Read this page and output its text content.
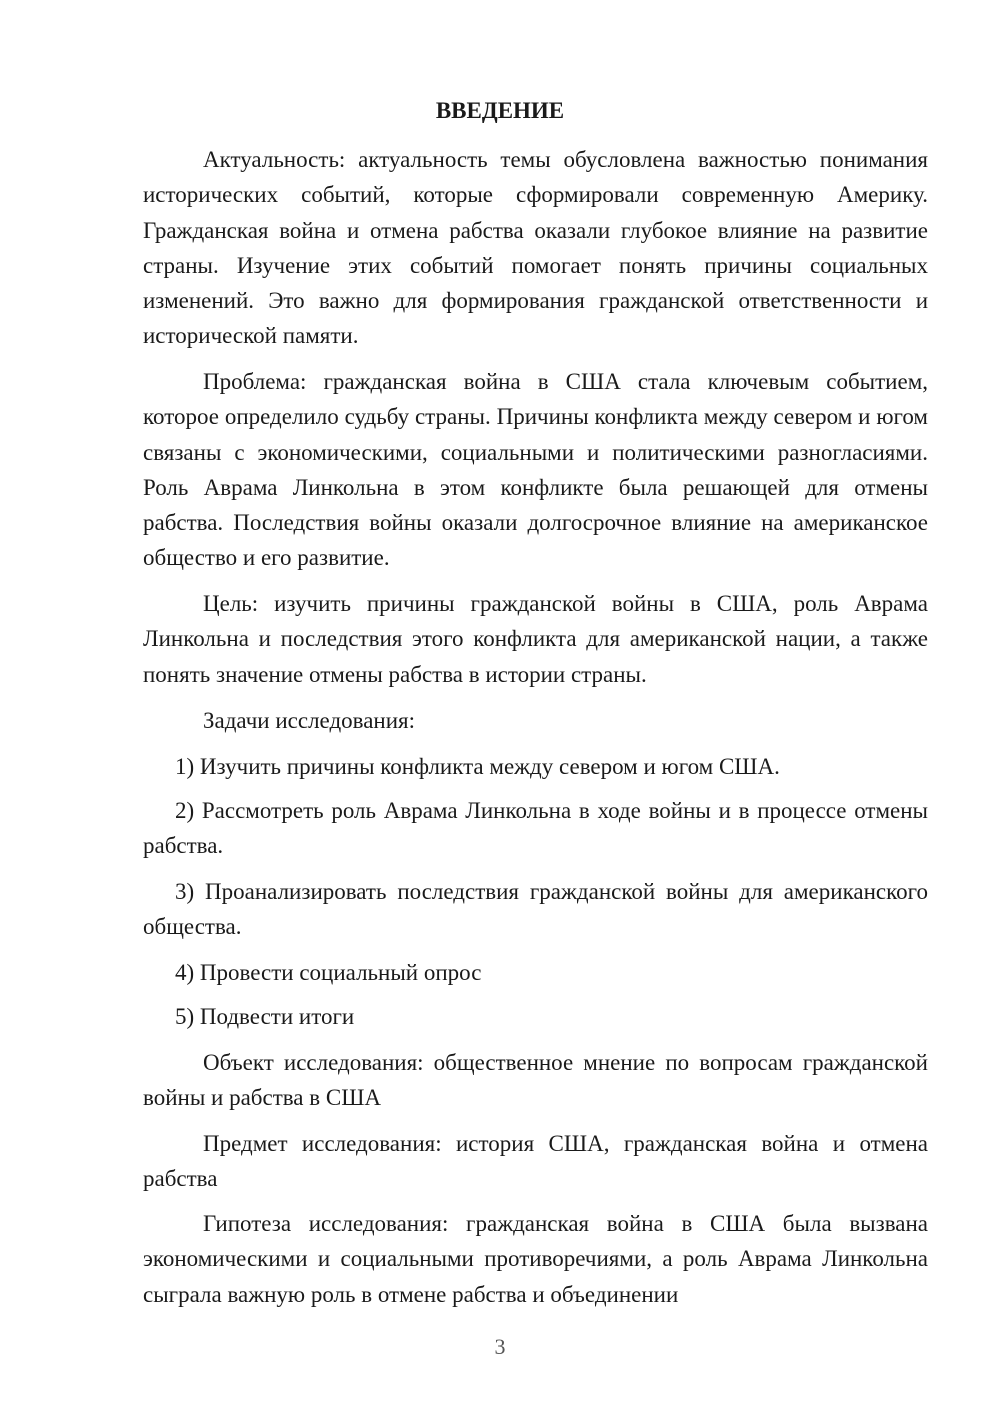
ВВЕДЕНИЕ

Актуальность: актуальность темы обусловлена важностью понимания исторических событий, которые сформировали современную Америку. Гражданская война и отмена рабства оказали глубокое влияние на развитие страны. Изучение этих событий помогает понять причины социальных изменений. Это важно для формирования гражданской ответственности и исторической памяти.

Проблема: гражданская война в США стала ключевым событием, которое определило судьбу страны. Причины конфликта между севером и югом связаны с экономическими, социальными и политическими разногласиями. Роль Аврама Линкольна в этом конфликте была решающей для отмены рабства. Последствия войны оказали долгосрочное влияние на американское общество и его развитие.

Цель: изучить причины гражданской войны в США, роль Аврама Линкольна и последствия этого конфликта для американской нации, а также понять значение отмены рабства в истории страны.

Задачи исследования:

1) Изучить причины конфликта между севером и югом США.

2) Рассмотреть роль Аврама Линкольна в ходе войны и в процессе отмены рабства.

3) Проанализировать последствия гражданской войны для американского общества.

4) Провести социальный опрос

5) Подвести итоги

Объект исследования: общественное мнение по вопросам гражданской войны и рабства в США

Предмет исследования: история США, гражданская война и отмена рабства

Гипотеза исследования: гражданская война в США была вызвана экономическими и социальными противоречиями, а роль Аврама Линкольна сыграла важную роль в отмене рабства и объединении

3
